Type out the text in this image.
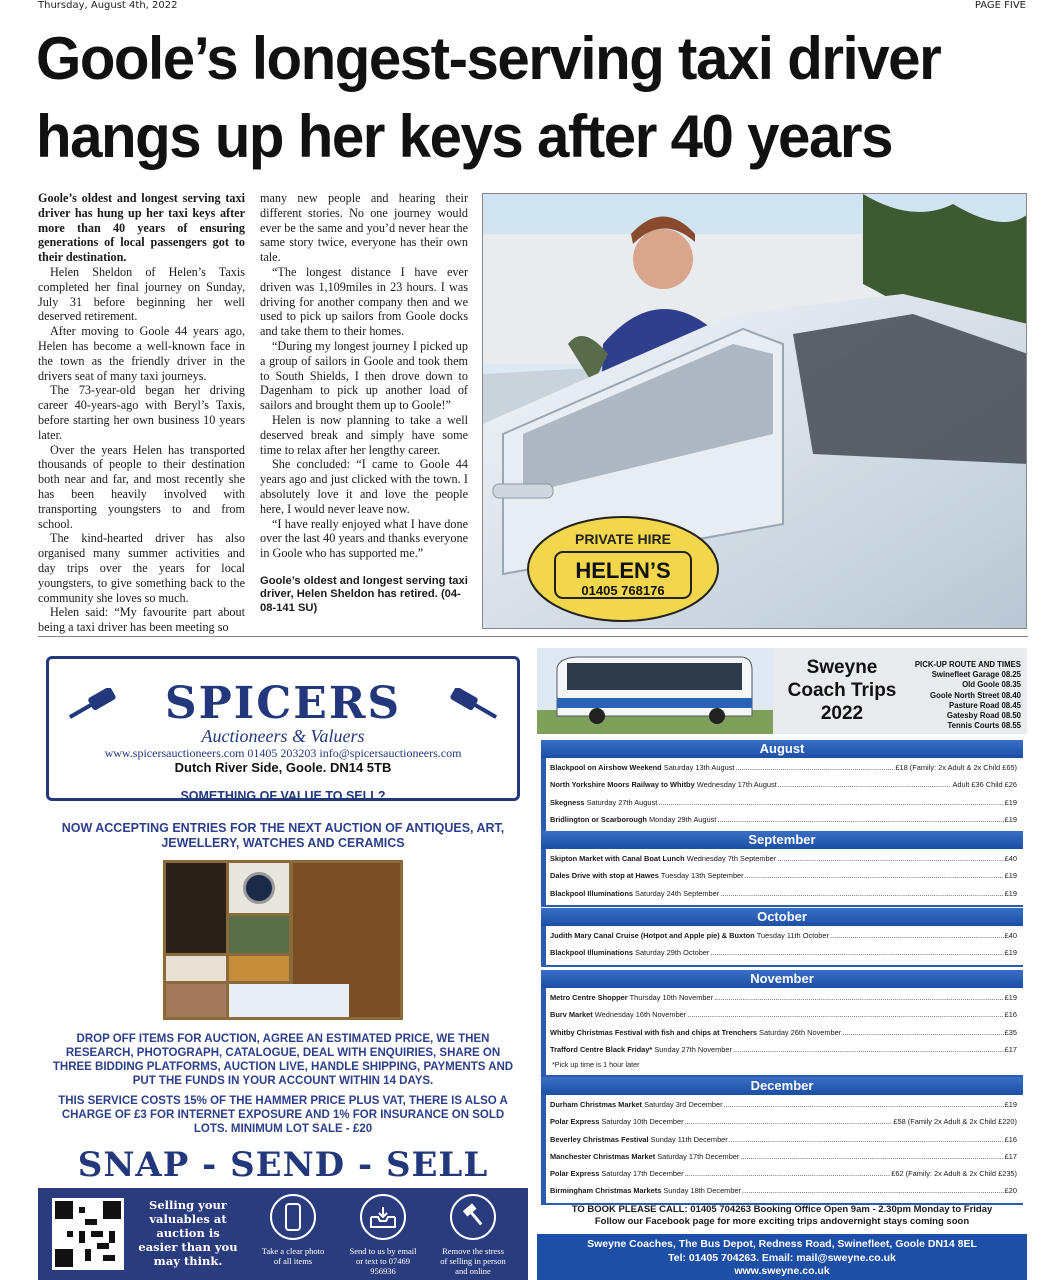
Thursday, August 4th, 2022	PAGE FIVE
Goole’s longest-serving taxi driver
hangs up her keys after 40 years

Goole’s oldest and longest serving taxi driver has hung up her taxi keys after more than 40 years of ensuring generations of local passengers got to their destination.

Helen Sheldon of Helen’s Taxis completed her final journey on Sunday, July 31 before beginning her well deserved retirement.

After moving to Goole 44 years ago, Helen has become a well-known face in the town as the friendly driver in the drivers seat of many taxi journeys.

The 73-year-old began her driving career 40-years-ago with Beryl’s Taxis, before starting her own business 10 years later.

Over the years Helen has transported thousands of people to their destination both near and far, and most recently she has been heavily involved with transporting youngsters to and from school.

The kind-hearted driver has also organised many summer activities and day trips over the years for local youngsters, to give something back to the community she loves so much.

Helen said: “My favourite part about being a taxi driver has been meeting so

many new people and hearing their different stories. No one journey would ever be the same and you’d never hear the same story twice, everyone has their own tale.

“The longest distance I have ever driven was 1,109miles in 23 hours. I was driving for another company then and we used to pick up sailors from Goole docks and take them to their homes.

“During my longest journey I picked up a group of sailors in Goole and took them to South Shields, I then drove down to Dagenham to pick up another load of sailors and brought them up to Goole!”

Helen is now planning to take a well deserved break and simply have some time to relax after her lengthy career.

She concluded: “I came to Goole 44 years ago and just clicked with the town. I absolutely love it and love the people here, I would never leave now.

“I have really enjoyed what I have done over the last 40 years and thanks everyone in Goole who has supported me.”

Goole’s oldest and longest serving taxi driver, Helen Sheldon has retired. (04-08-141 SU)
PRIVATE HIRE
HELEN’S
01405 768176
SPICERS
Auctioneers & Valuers
www.spicersauctioneers.com 01405 203203 info@spicersauctioneers.com
Dutch River Side, Goole. DN14 5TB
SOMETHING OF VALUE TO SELL?
NOW ACCEPTING ENTRIES FOR THE NEXT AUCTION OF ANTIQUES, ART, JEWELLERY, WATCHES AND CERAMICS
DROP OFF ITEMS FOR AUCTION, AGREE AN ESTIMATED PRICE, WE THEN RESEARCH, PHOTOGRAPH, CATALOGUE, DEAL WITH ENQUIRIES, SHARE ON THREE BIDDING PLATFORMS, AUCTION LIVE, HANDLE SHIPPING, PAYMENTS AND PUT THE FUNDS IN YOUR ACCOUNT WITHIN 14 DAYS.
THIS SERVICE COSTS 15% OF THE HAMMER PRICE PLUS VAT, THERE IS ALSO A CHARGE OF £3 FOR INTERNET EXPOSURE AND 1% FOR INSURANCE ON SOLD LOTS. MINIMUM LOT SALE - £20
SNAP - SEND - SELL
Selling your valuables at auction is easier than you may think.
Take a clear photo of all items
Send to us by email or text to 07469 956936
Remove the stress of selling in person and online
Sweyne
Coach Trips
2022
PICK-UP ROUTE AND TIMES
Swinefleet Garage 08.25
Old Goole 08.35
Goole North Street 08.40
Pasture Road 08.45
Gatesby Road 08.50
Tennis Courts 08.55
August
Blackpool on Airshow Weekend
Saturday 13th August .....	£18 (Family: 2x Adult & 2x Child £65)
North Yorkshire Moors Railway to Whitby
Wednesday 17th August .....	Adult £36 Child £26
Skegness
Saturday 27th August .....	£19
Bridlington or Scarborough
Monday 29th August .....	£19
September
Skipton Market with Canal Boat Lunch
Wednesday 7th September .....	£40
Dales Drive with stop at Hawes
Tuesday 13th September .....	£19
Blackpool Illuminations
Saturday 24th September .....	£19
October
Judith Mary Canal Cruise (Hotpot and Apple pie) & Buxton
Tuesday 11th October .....	£40
Blackpool Illuminations
Saturday 29th October .....	£19
November
Metro Centre Shopper
Thursday 10th November .....	£19
Burv Market
Wednesday 16th November .....	£16
Whitby Christmas Festival with fish and chips at Trenchers
Saturday 26th November .....	£35
Trafford Centre Black Friday*
Sunday 27th November .....	£17
*Pick up time is 1 hour later
December
Durham Christmas Market
Saturday 3rd December .....	£19
Polar Express
Saturday 10th December .....	£58 (Family 2x Adult & 2x Child £220)
Beverley Christmas Festival
Sunday 11th December .....	£16
Manchester Christmas Market
Saturday 17th December .....	£17
Polar Express
Saturday 17th December .....	£62 (Family: 2x Adult & 2x Child £235)
Birmingham Christmas Markets
Sunday 18th December .....	£20
TO BOOK PLEASE CALL: 01405 704263 Booking Office Open 9am - 2.30pm Monday to Friday
Follow our Facebook page for more exciting trips andovernight stays coming soon
Sweyne Coaches, The Bus Depot, Redness Road, Swinefleet, Goole DN14 8EL
Tel: 01405 704263. Email: mail@sweyne.co.uk
www.sweyne.co.uk
